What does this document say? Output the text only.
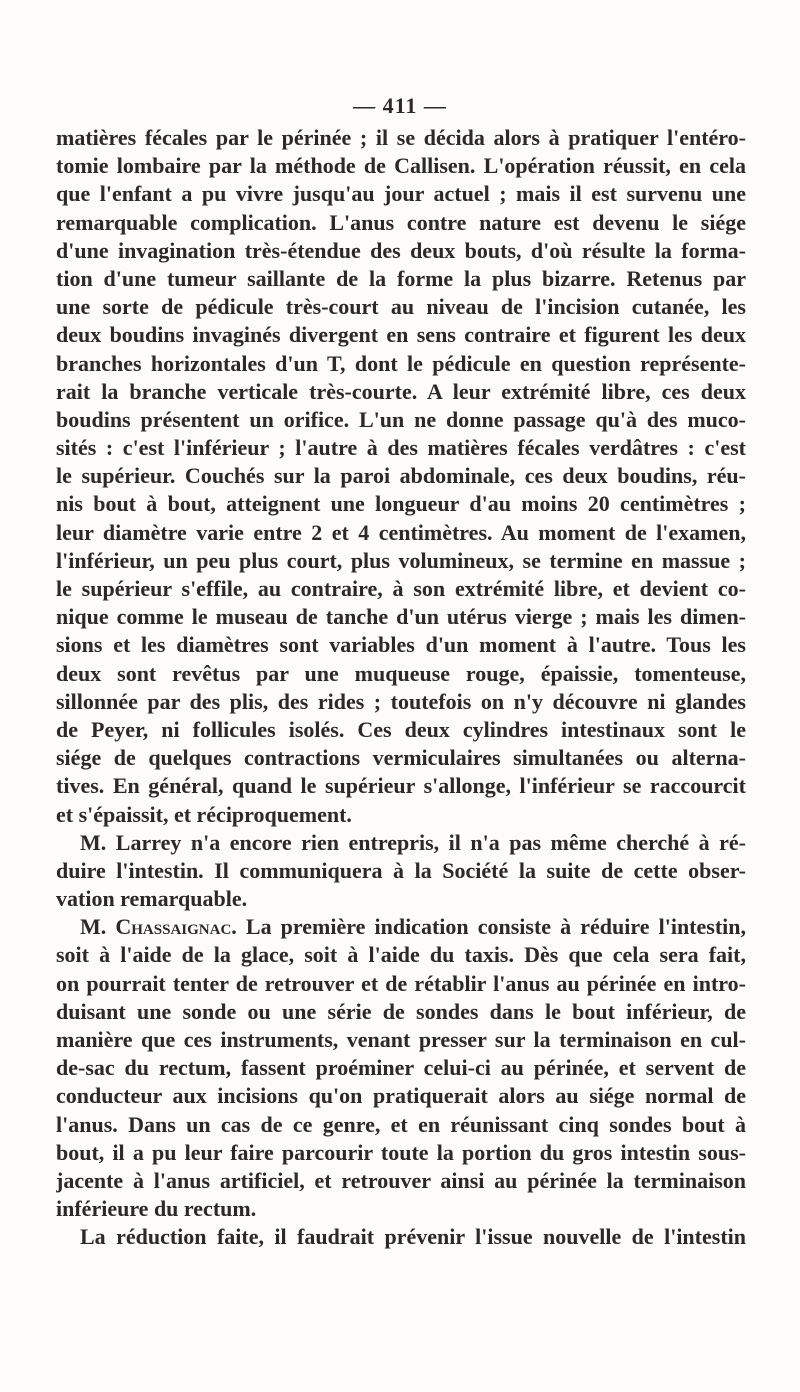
— 411 —
matières fécales par le périnée ; il se décida alors à pratiquer l'entéro-
tomie lombaire par la méthode de Callisen. L'opération réussit, en cela
que l'enfant a pu vivre jusqu'au jour actuel ; mais il est survenu une
remarquable complication. L'anus contre nature est devenu le siége
d'une invagination très-étendue des deux bouts, d'où résulte la forma-
tion d'une tumeur saillante de la forme la plus bizarre. Retenus par
une sorte de pédicule très-court au niveau de l'incision cutanée, les
deux boudins invaginés divergent en sens contraire et figurent les deux
branches horizontales d'un T, dont le pédicule en question représente-
rait la branche verticale très-courte. A leur extrémité libre, ces deux
boudins présentent un orifice. L'un ne donne passage qu'à des muco-
sités : c'est l'inférieur ; l'autre à des matières fécales verdâtres : c'est
le supérieur. Couchés sur la paroi abdominale, ces deux boudins, réu-
nis bout à bout, atteignent une longueur d'au moins 20 centimètres ;
leur diamètre varie entre 2 et 4 centimètres. Au moment de l'examen,
l'inférieur, un peu plus court, plus volumineux, se termine en massue ;
le supérieur s'effile, au contraire, à son extrémité libre, et devient co-
nique comme le museau de tanche d'un utérus vierge ; mais les dimen-
sions et les diamètres sont variables d'un moment à l'autre. Tous les
deux sont revêtus par une muqueuse rouge, épaissie, tomenteuse,
sillonnée par des plis, des rides ; toutefois on n'y découvre ni glandes
de Peyer, ni follicules isolés. Ces deux cylindres intestinaux sont le
siége de quelques contractions vermiculaires simultanées ou alterna-
tives. En général, quand le supérieur s'allonge, l'inférieur se raccourcit
et s'épaissit, et réciproquement.
M. Larrey n'a encore rien entrepris, il n'a pas même cherché à ré-
duire l'intestin. Il communiquera à la Société la suite de cette obser-
vation remarquable.
M. Chassaignac. La première indication consiste à réduire l'intestin,
soit à l'aide de la glace, soit à l'aide du taxis. Dès que cela sera fait,
on pourrait tenter de retrouver et de rétablir l'anus au périnée en intro-
duisant une sonde ou une série de sondes dans le bout inférieur, de
manière que ces instruments, venant presser sur la terminaison en cul-
de-sac du rectum, fassent proéminer celui-ci au périnée, et servent de
conducteur aux incisions qu'on pratiquerait alors au siége normal de
l'anus. Dans un cas de ce genre, et en réunissant cinq sondes bout à
bout, il a pu leur faire parcourir toute la portion du gros intestin sous-
jacente à l'anus artificiel, et retrouver ainsi au périnée la terminaison
inférieure du rectum.
La réduction faite, il faudrait prévenir l'issue nouvelle de l'intestin
